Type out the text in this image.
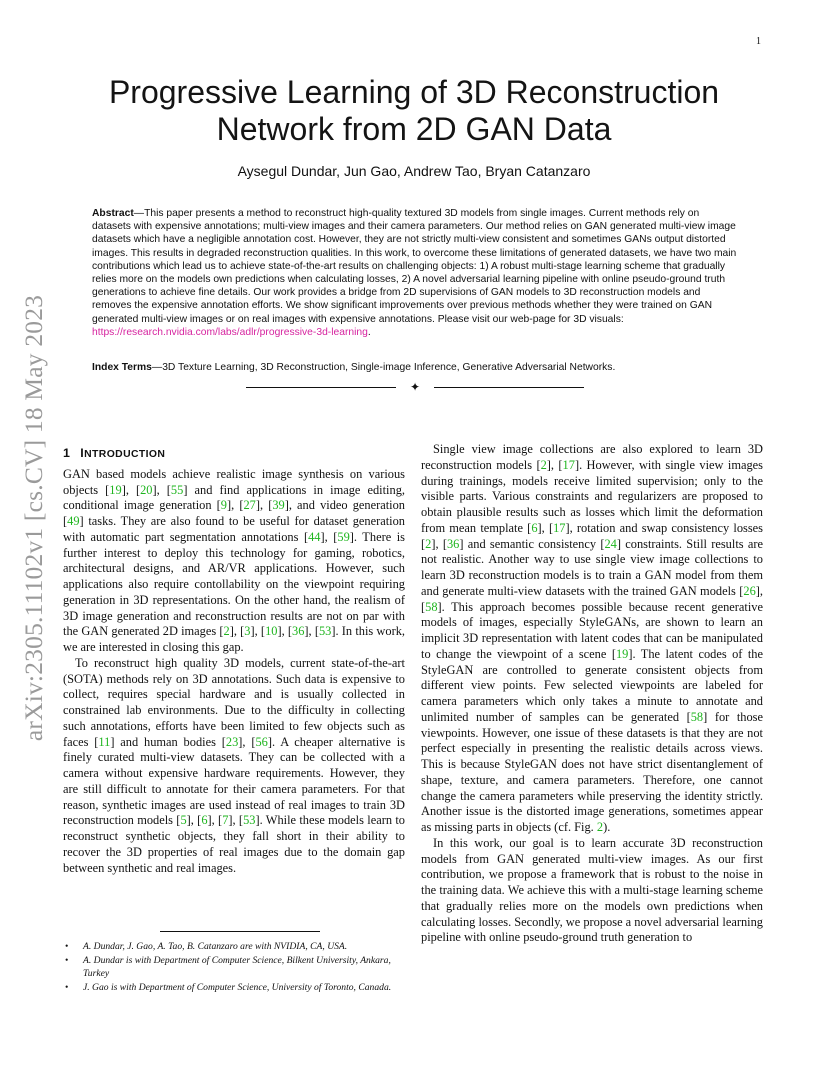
1
arXiv:2305.11102v1 [cs.CV] 18 May 2023
Progressive Learning of 3D Reconstruction
Network from 2D GAN Data
Aysegul Dundar, Jun Gao, Andrew Tao, Bryan Catanzaro
Abstract—This paper presents a method to reconstruct high-quality textured 3D models from single images. Current methods rely on datasets with expensive annotations; multi-view images and their camera parameters. Our method relies on GAN generated multi-view image datasets which have a negligible annotation cost. However, they are not strictly multi-view consistent and sometimes GANs output distorted images. This results in degraded reconstruction qualities. In this work, to overcome these limitations of generated datasets, we have two main contributions which lead us to achieve state-of-the-art results on challenging objects: 1) A robust multi-stage learning scheme that gradually relies more on the models own predictions when calculating losses, 2) A novel adversarial learning pipeline with online pseudo-ground truth generations to achieve fine details. Our work provides a bridge from 2D supervisions of GAN models to 3D reconstruction models and removes the expensive annotation efforts. We show significant improvements over previous methods whether they were trained on GAN generated multi-view images or on real images with expensive annotations. Please visit our web-page for 3D visuals: https://research.nvidia.com/labs/adlr/progressive-3d-learning.
Index Terms—3D Texture Learning, 3D Reconstruction, Single-image Inference, Generative Adversarial Networks.
✦
1 INTRODUCTION

GAN based models achieve realistic image synthesis on various objects [19], [20], [55] and find applications in image editing, conditional image generation [9], [27], [39], and video generation [49] tasks. They are also found to be useful for dataset generation with automatic part segmentation annotations [44], [59]. There is further interest to deploy this technology for gaming, robotics, architectural designs, and AR/VR applications. However, such applications also require contollability on the viewpoint requiring generation in 3D representations. On the other hand, the realism of 3D image generation and reconstruction results are not on par with the GAN generated 2D images [2], [3], [10], [36], [53]. In this work, we are interested in closing this gap.

To reconstruct high quality 3D models, current state-of-the-art (SOTA) methods rely on 3D annotations. Such data is expensive to collect, requires special hardware and is usually collected in constrained lab environments. Due to the difficulty in collecting such annotations, efforts have been limited to few objects such as faces [11] and human bodies [23], [56]. A cheaper alternative is finely curated multi-view datasets. They can be collected with a camera without expensive hardware requirements. However, they are still difficult to annotate for their camera parameters. For that reason, synthetic images are used instead of real images to train 3D reconstruction models [5], [6], [7], [53]. While these models learn to reconstruct synthetic objects, they fall short in their ability to recover the 3D properties of real images due to the domain gap between synthetic and real images.

• A. Dundar, J. Gao, A. Tao, B. Catanzaro are with NVIDIA, CA, USA.
• A. Dundar is with Department of Computer Science, Bilkent University, Ankara, Turkey
• J. Gao is with Department of Computer Science, University of Toronto, Canada.

Single view image collections are also explored to learn 3D reconstruction models [2], [17]. However, with single view images during trainings, models receive limited supervision; only to the visible parts. Various constraints and regularizers are proposed to obtain plausible results such as losses which limit the deformation from mean template [6], [17], rotation and swap consistency losses [2], [36] and semantic consistency [24] constraints. Still results are not realistic. Another way to use single view image collections to learn 3D reconstruction models is to train a GAN model from them and generate multi-view datasets with the trained GAN models [26], [58]. This approach becomes possible because recent generative models of images, especially StyleGANs, are shown to learn an implicit 3D representation with latent codes that can be manipulated to change the viewpoint of a scene [19]. The latent codes of the StyleGAN are controlled to generate consistent objects from different view points. Few selected viewpoints are labeled for camera parameters which only takes a minute to annotate and unlimited number of samples can be generated [58] for those viewpoints. However, one issue of these datasets is that they are not perfect especially in presenting the realistic details across views. This is because StyleGAN does not have strict disentanglement of shape, texture, and camera parameters. Therefore, one cannot change the camera parameters while preserving the identity strictly. Another issue is the distorted image generations, sometimes appear as missing parts in objects (cf. Fig. 2).

In this work, our goal is to learn accurate 3D reconstruction models from GAN generated multi-view images. As our first contribution, we propose a framework that is robust to the noise in the training data. We achieve this with a multi-stage learning scheme that gradually relies more on the models own predictions when calculating losses. Secondly, we propose a novel adversarial learning pipeline with online pseudo-ground truth generation to
